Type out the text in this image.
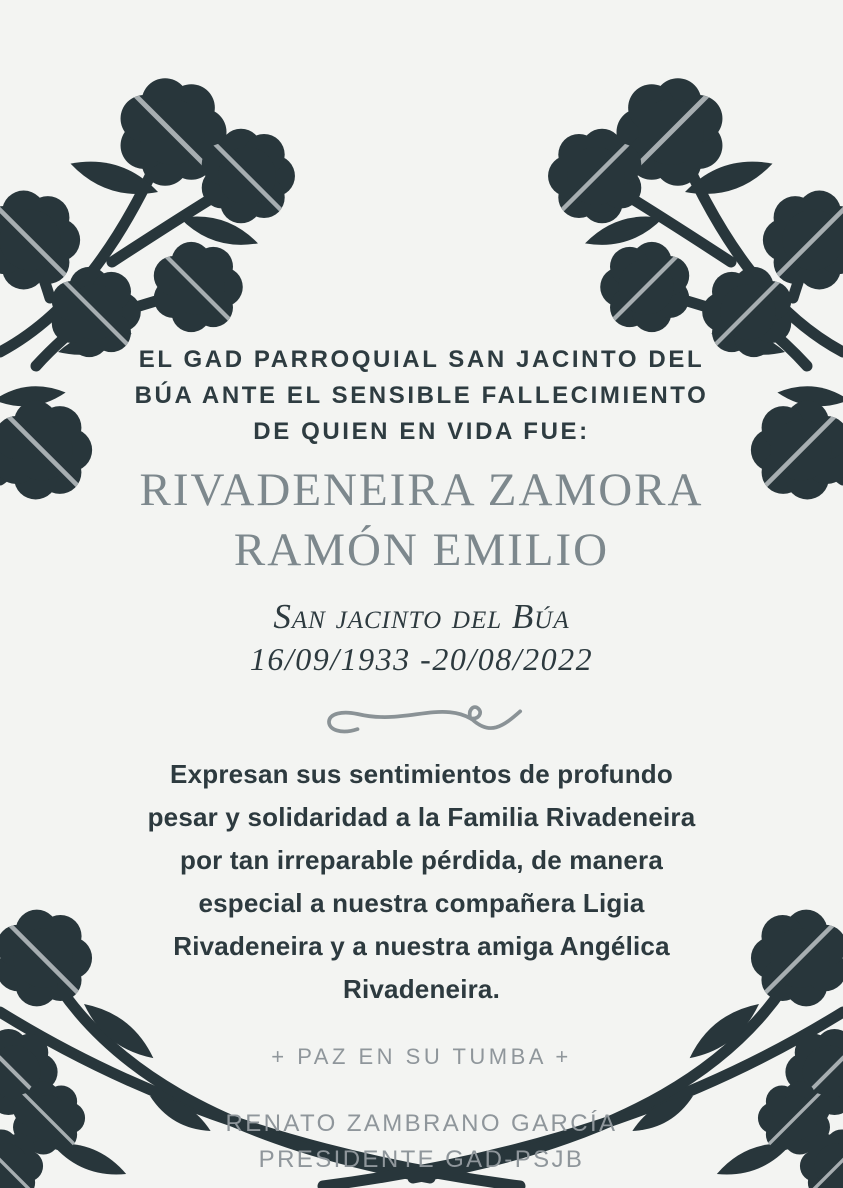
EL GAD PARROQUIAL SAN JACINTO DEL
BÚA ANTE EL SENSIBLE FALLECIMIENTO
DE QUIEN EN VIDA FUE:
RIVADENEIRA ZAMORA
RAMÓN EMILIO
San jacinto del Búa
16/09/1933 -20/08/2022
Expresan sus sentimientos de profundo
pesar y solidaridad a la Familia Rivadeneira
por tan irreparable pérdida, de manera
especial a nuestra compañera Ligia
Rivadeneira y a nuestra amiga Angélica
Rivadeneira.
+ PAZ EN SU TUMBA +
RENATO ZAMBRANO GARCÍA
PRESIDENTE GAD-PSJB
